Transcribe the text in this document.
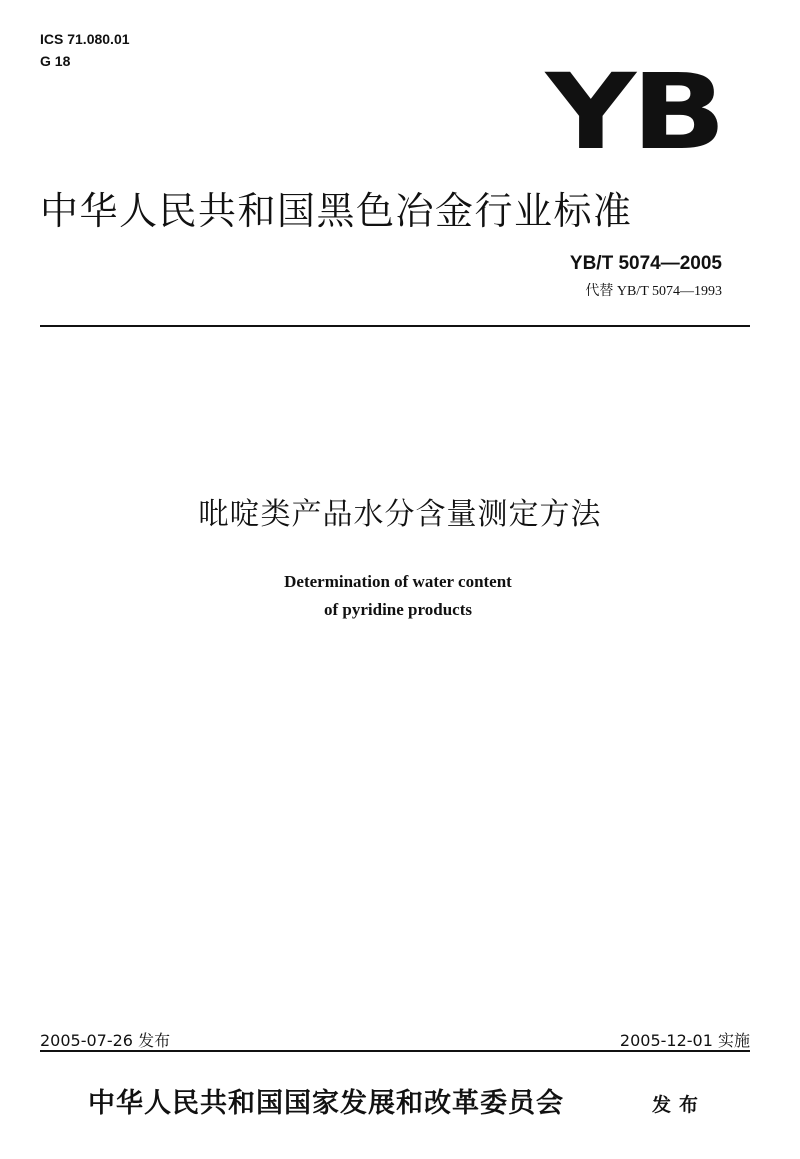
ICS 71.080.01
G 18	YB
中华人民共和国黑色冶金行业标准
YB/T 5074—2005
代替 YB/T 5074—1993
吡啶类产品水分含量测定方法
Determination of water content
of pyridine products
2005-07-26 发布	2005-12-01 实施
中华人民共和国国家发展和改革委员会	发布
